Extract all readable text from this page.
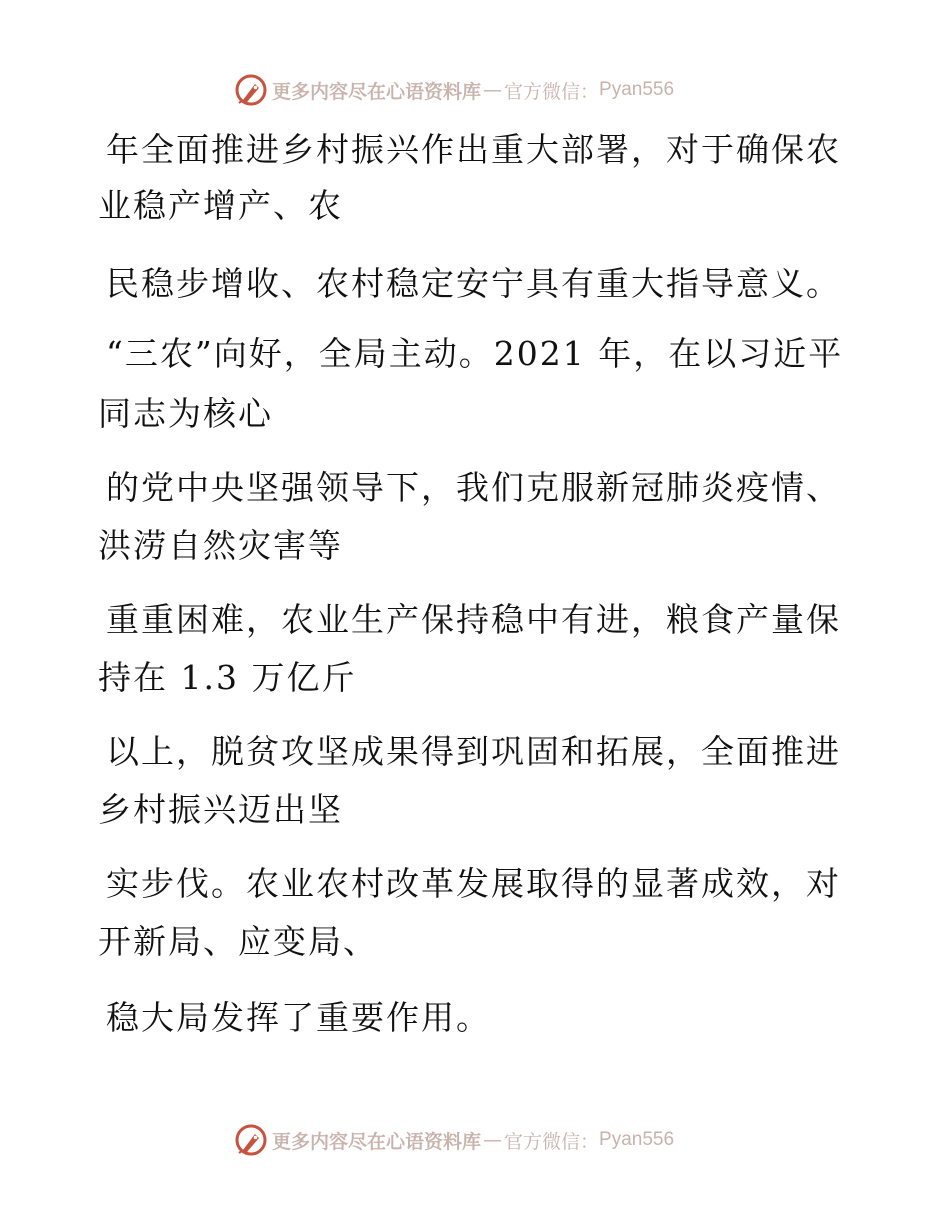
更多内容尽在心语资料库 — 官方微信： Pyan556
年全面推进乡村振兴作出重大部署，对于确保农
业稳产增产、农
民稳步增收、农村稳定安宁具有重大指导意义。
“三农”向好，全局主动。2021 年，在以习近平
同志为核心
的党中央坚强领导下，我们克服新冠肺炎疫情、
洪涝自然灾害等
重重困难，农业生产保持稳中有进，粮食产量保
持在 1.3 万亿斤
以上，脱贫攻坚成果得到巩固和拓展，全面推进
乡村振兴迈出坚
实步伐。农业农村改革发展取得的显著成效，对
开新局、应变局、
稳大局发挥了重要作用。
更多内容尽在心语资料库 — 官方微信： Pyan556
